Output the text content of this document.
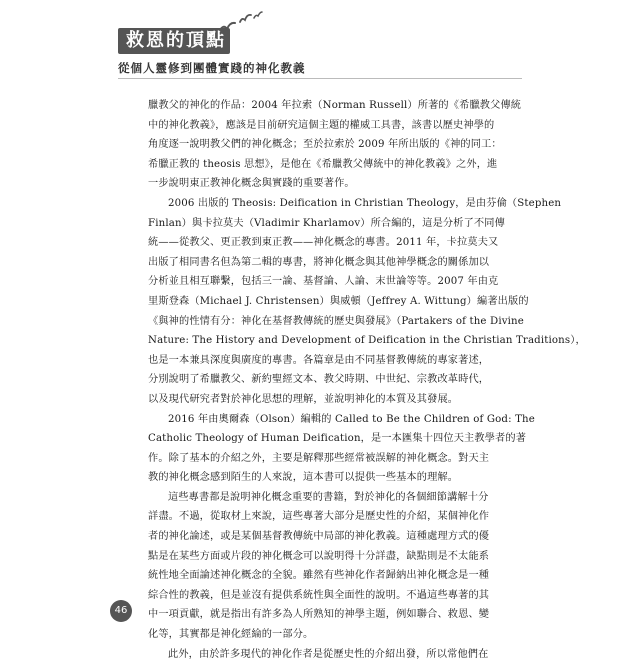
救恩的頂點
從個人靈修到團體實踐的神化教義
臘教父的神化的作品：2004 年拉索（Norman Russell）所著的《希臘教父傳統
中的神化教義》，應該是目前研究這個主題的權威工具書，該書以歷史神學的
角度逐一說明教父們的神化概念；至於拉索於 2009 年所出版的《神的同工：
希臘正教的 theosis 思想》，是他在《希臘教父傳統中的神化教義》之外，進
一步說明東正教神化概念與實踐的重要著作。
2006 出版的 Theosis: Deification in Christian Theology，是由芬倫（Stephen
Finlan）與卡拉莫夫（Vladimir Kharlamov）所合編的，這是分析了不同傳
統——從教父、更正教到東正教——神化概念的專書。2011 年，卡拉莫夫又
出版了相同書名但為第二輯的專書，將神化概念與其他神學概念的關係加以
分析並且相互聯繫，包括三一論、基督論、人論、末世論等等。2007 年由克
里斯登森（Michael J. Christensen）與威頓（Jeffrey A. Wittung）編著出版的
《與神的性情有分：神化在基督教傳統的歷史與發展》（Partakers of the Divine
Nature: The History and Development of Deification in the Christian Traditions），
也是一本兼具深度與廣度的專書。各篇章是由不同基督教傳統的專家著述，
分別說明了希臘教父、新約聖經文本、教父時期、中世紀、宗教改革時代，
以及現代研究者對於神化思想的理解，並說明神化的本質及其發展。
2016 年由奧爾森（Olson）編輯的 Called to Be the Children of God: The
Catholic Theology of Human Deification，是一本匯集十四位天主教學者的著
作。除了基本的介紹之外，主要是解釋那些經常被誤解的神化概念。對天主
教的神化概念感到陌生的人來說，這本書可以提供一些基本的理解。
這些專書都是說明神化概念重要的書籍，對於神化的各個細節講解十分
詳盡。不過，從取材上來說，這些專著大部分是歷史性的介紹，某個神化作
者的神化論述，或是某個基督教傳統中局部的神化教義。這種處理方式的優
點是在某些方面或片段的神化概念可以說明得十分詳盡，缺點則是不太能系
統性地全面論述神化概念的全貌。雖然有些神化作者歸納出神化概念是一種
綜合性的教義，但是並沒有提供系統性與全面性的說明。不過這些專著的其
中一項貢獻，就是指出有許多為人所熟知的神學主題，例如聯合、救恩、變
化等，其實都是神化經綸的一部分。
此外，由於許多現代的神化作者是從歷史性的介紹出發，所以常他們在
46
